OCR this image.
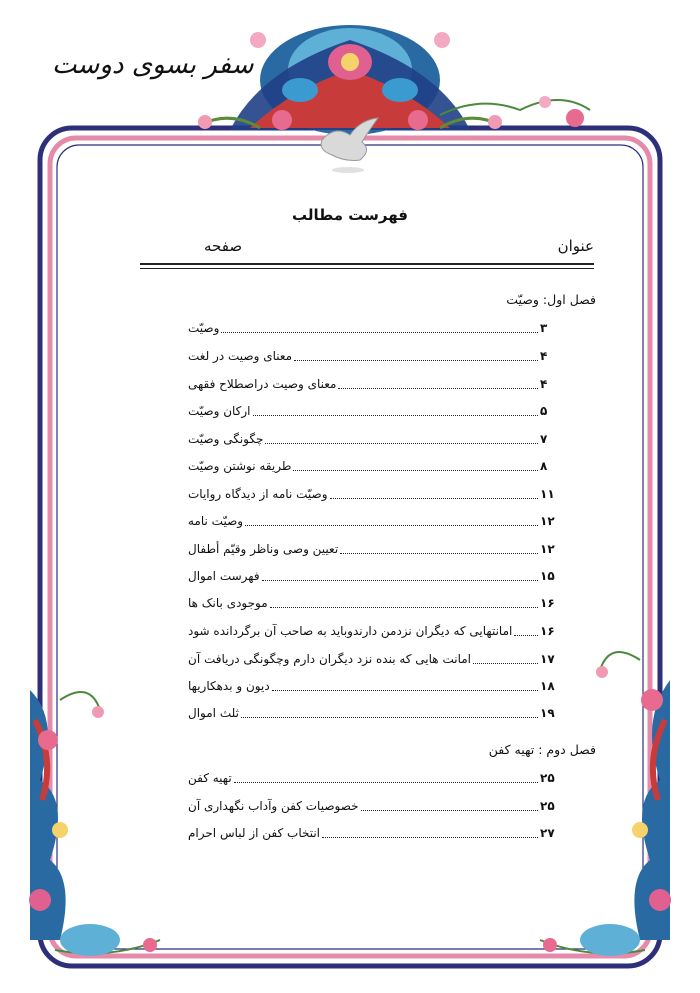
سفر بسوی دوست
فهرست مطالب
عنوان
صفحه
فصل اول: وصیّت
وصیّت	۳
معنای وصیت در لغت	۴
معنای وصیت دراصطلاح فقهی	۴
ارکان وصیّت	۵
چگونگی وصیّت	۷
طریقه نوشتن وصیّت	۸
وصیّت نامه از دیدگاه روایات	۱۱
وصیّت نامه	۱۲
تعیین وصی وناظر وقیّم أطفال	۱۲
فهرست اموال	۱۵
موجودی بانک ها	۱۶
امانتهایی که دیگران نزدمن دارندوباید به صاحب آن برگردانده شود ۱۶
امانت هایی که بنده نزد دیگران دارم وچگونگی دریافت آن	۱۷
دیون و بدهکاریها	۱۸
ثلث اموال	۱۹
فصل دوم : تهیه کفن
تهیه کفن	۲۵
خصوصیات کفن وآداب نگهداری آن	۲۵
انتخاب کفن از لباس احرام	۲۷
